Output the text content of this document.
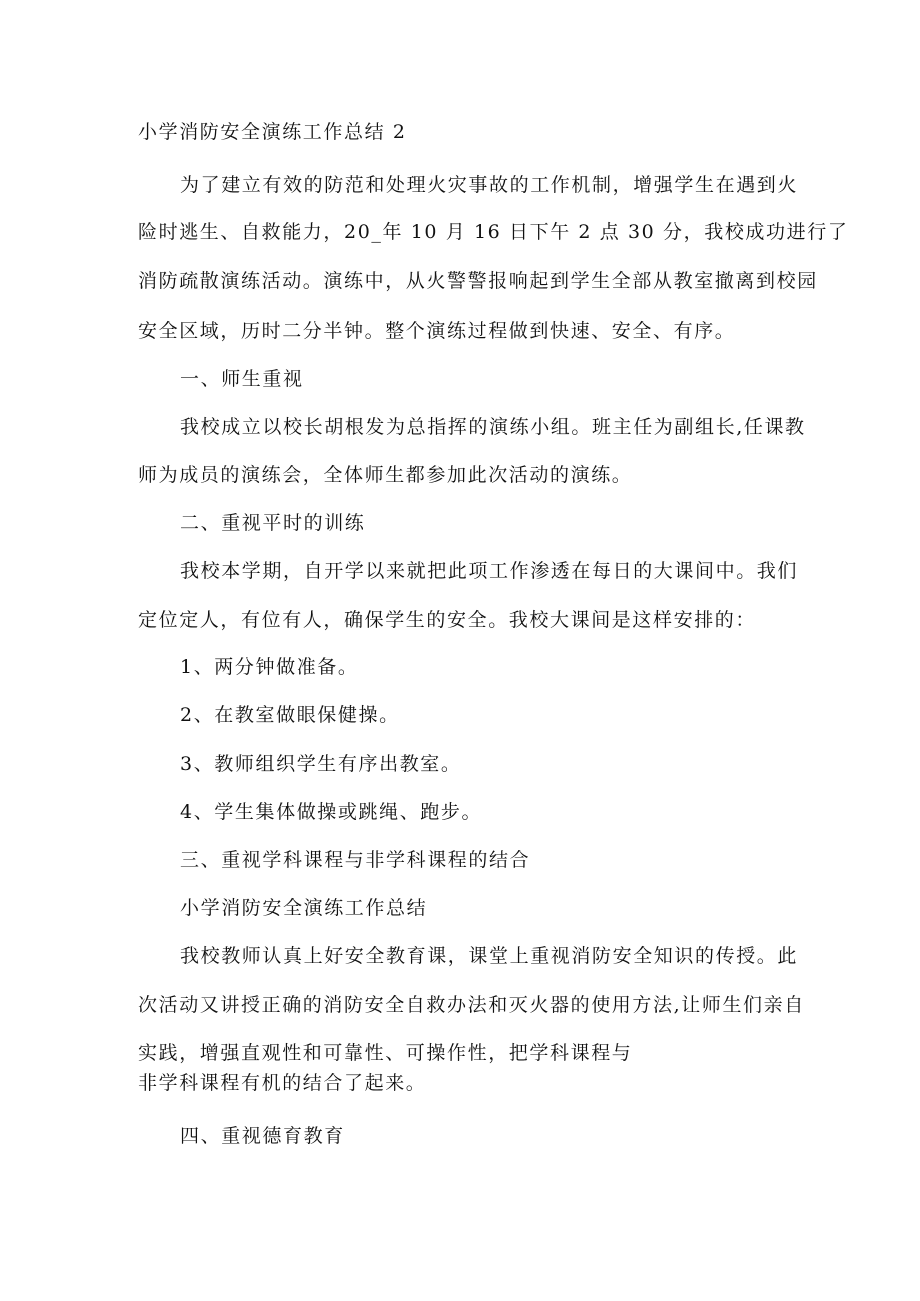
小学消防安全演练工作总结 2
为了建立有效的防范和处理火灾事故的工作机制，增强学生在遇到火
险时逃生、自救能力，20_年 10 月 16 日下午 2 点 30 分，我校成功进行了
消防疏散演练活动。演练中，从火警警报响起到学生全部从教室撤离到校园
安全区域，历时二分半钟。整个演练过程做到快速、安全、有序。
一、师生重视
我校成立以校长胡根发为总指挥的演练小组。班主任为副组长,任课教
师为成员的演练会，全体师生都参加此次活动的演练。
二、重视平时的训练
我校本学期，自开学以来就把此项工作渗透在每日的大课间中。我们
定位定人，有位有人，确保学生的安全。我校大课间是这样安排的：
1、两分钟做准备。
2、在教室做眼保健操。
3、教师组织学生有序出教室。
4、学生集体做操或跳绳、跑步。
三、重视学科课程与非学科课程的结合
小学消防安全演练工作总结
我校教师认真上好安全教育课，课堂上重视消防安全知识的传授。此
次活动又讲授正确的消防安全自救办法和灭火器的使用方法,让师生们亲自
实践，增强直观性和可靠性、可操作性，把学科课程与
非学科课程有机的结合了起来。
四、重视德育教育
